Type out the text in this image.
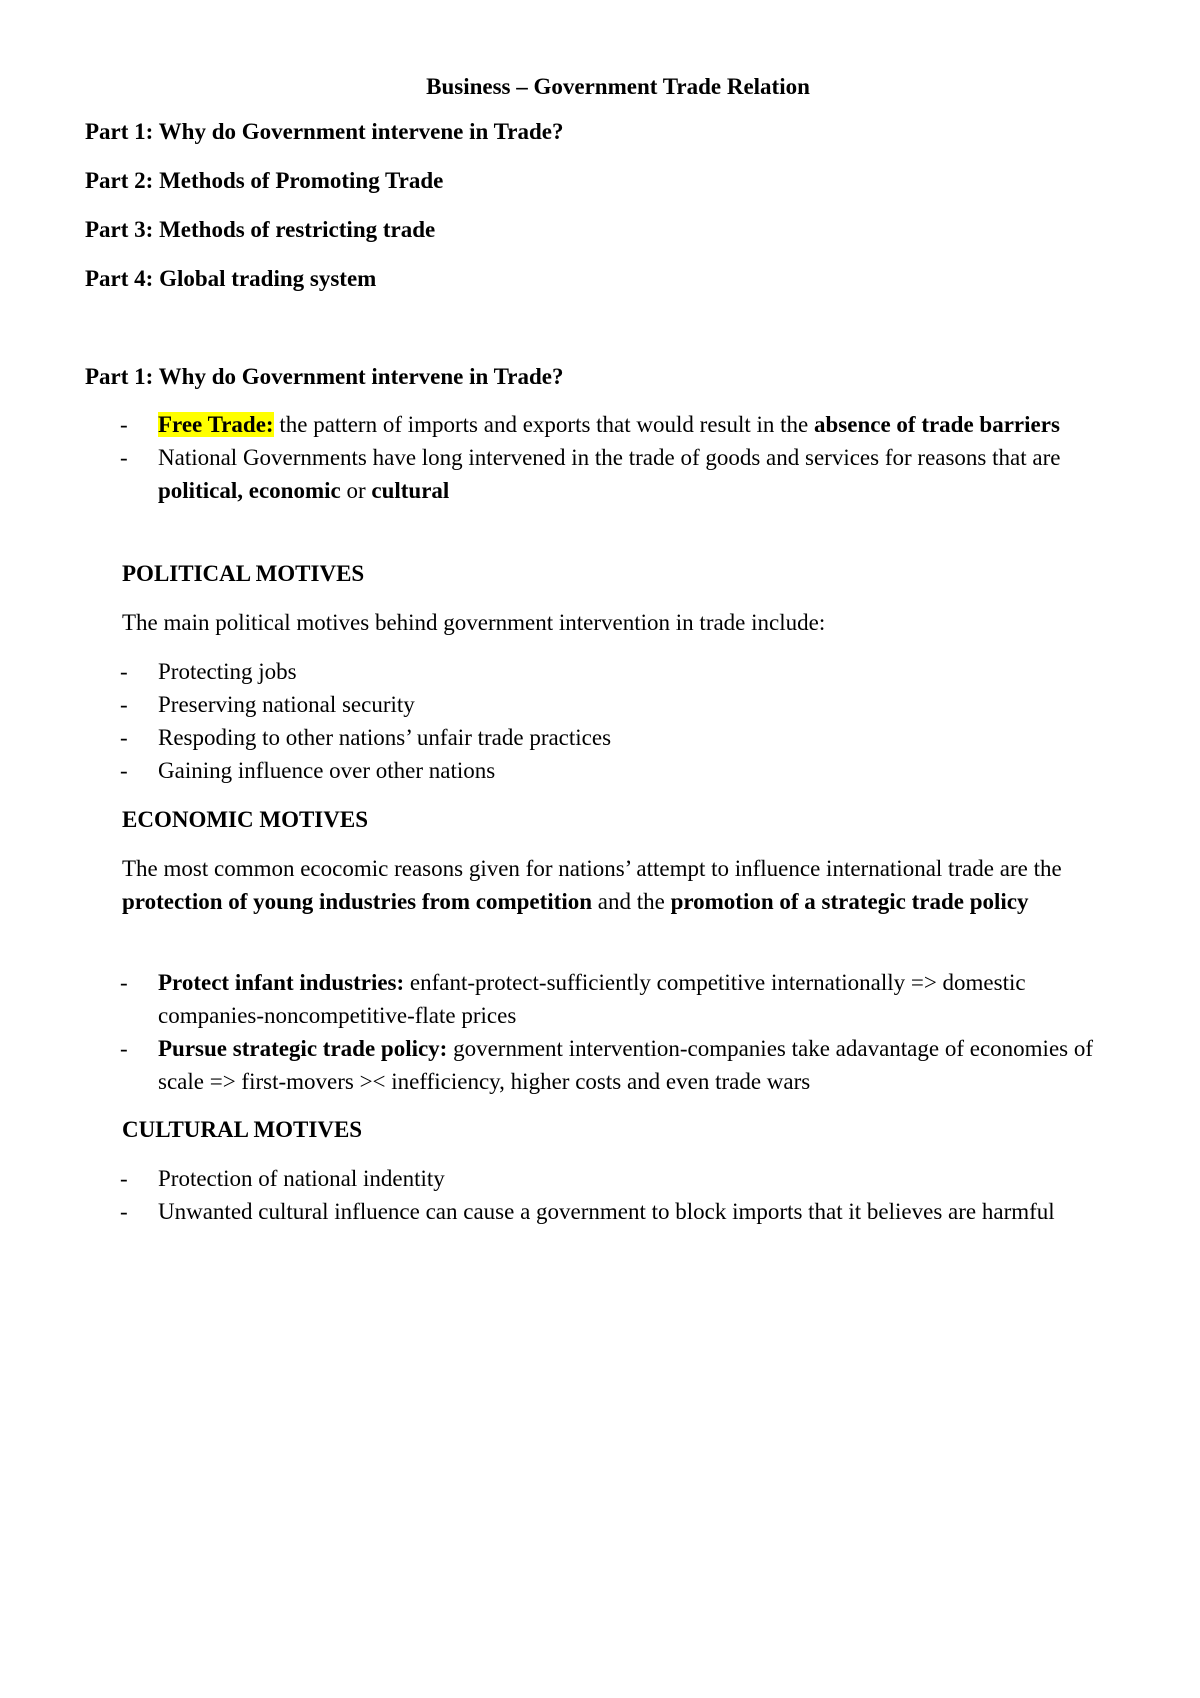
Business – Government Trade Relation
Part 1: Why do Government intervene in Trade?
Part 2: Methods of Promoting Trade
Part 3: Methods of restricting trade
Part 4: Global trading system
Part 1: Why do Government intervene in Trade?
- Free Trade: the pattern of imports and exports that would result in the absence of trade barriers
- National Governments have long intervened in the trade of goods and services for reasons that are political, economic or cultural
POLITICAL MOTIVES
The main political motives behind government intervention in trade include:
- Protecting jobs
- Preserving national security
- Respoding to other nations’ unfair trade practices
- Gaining influence over other nations
ECONOMIC MOTIVES
The most common ecocomic reasons given for nations’ attempt to influence international trade are the protection of young industries from competition and the promotion of a strategic trade policy
- Protect infant industries: enfant-protect-sufficiently competitive internationally => domestic companies-noncompetitive-flate prices
- Pursue strategic trade policy: government intervention-companies take adavantage of economies of scale => first-movers >< inefficiency, higher costs and even trade wars
CULTURAL MOTIVES
- Protection of national indentity
- Unwanted cultural influence can cause a government to block imports that it believes are harmful
